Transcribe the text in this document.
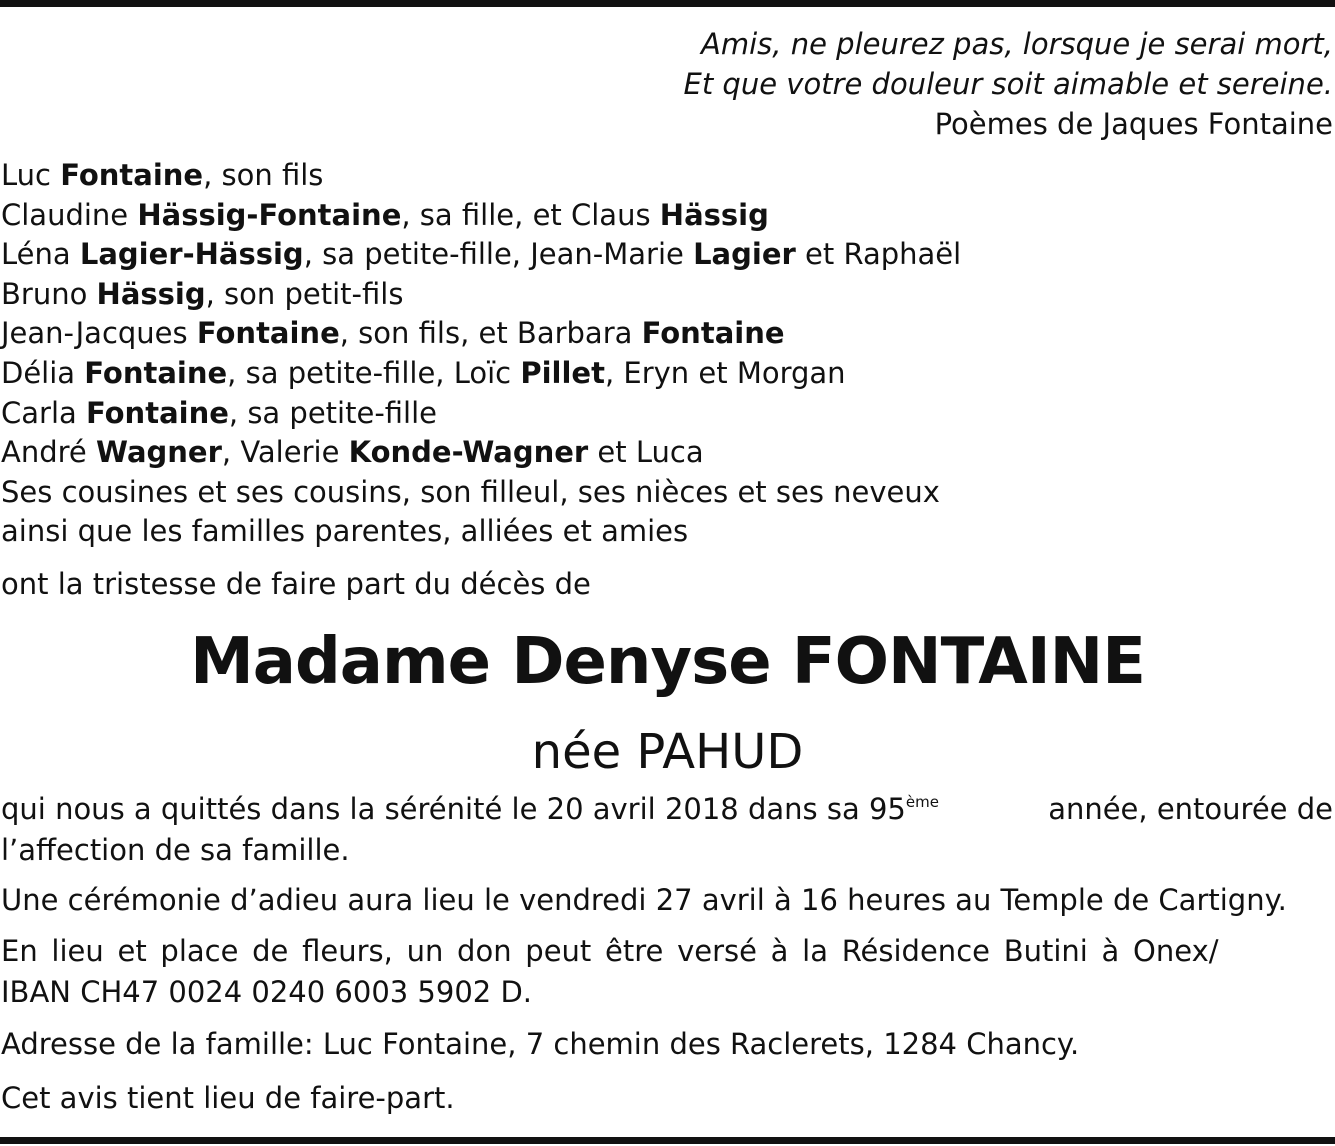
Amis, ne pleurez pas, lorsque je serai mort,
Et que votre douleur soit aimable et sereine.
Poèmes de Jaques Fontaine
Luc Fontaine, son fils
Claudine Hässig-Fontaine, sa fille, et Claus Hässig
Léna Lagier-Hässig, sa petite-fille, Jean-Marie Lagier et Raphaël
Bruno Hässig, son petit-fils
Jean-Jacques Fontaine, son fils, et Barbara Fontaine
Délia Fontaine, sa petite-fille, Loïc Pillet, Eryn et Morgan
Carla Fontaine, sa petite-fille
André Wagner, Valerie Konde-Wagner et Luca
Ses cousines et ses cousins, son filleul, ses nièces et ses neveux
ainsi que les familles parentes, alliées et amies
ont la tristesse de faire part du décès de
Madame Denyse FONTAINE
née PAHUD
qui nous a quittés dans la sérénité le 20 avril 2018 dans sa 95ème	année, entourée de
l’affection de sa famille.
Une cérémonie d’adieu aura lieu le vendredi 27 avril à 16 heures au Temple de Cartigny.
En lieu et place de fleurs, un don peut être versé à la Résidence Butini à Onex/
IBAN CH47 0024 0240 6003 5902 D.
Adresse de la famille: Luc Fontaine, 7 chemin des Raclerets, 1284 Chancy.
Cet avis tient lieu de faire-part.
